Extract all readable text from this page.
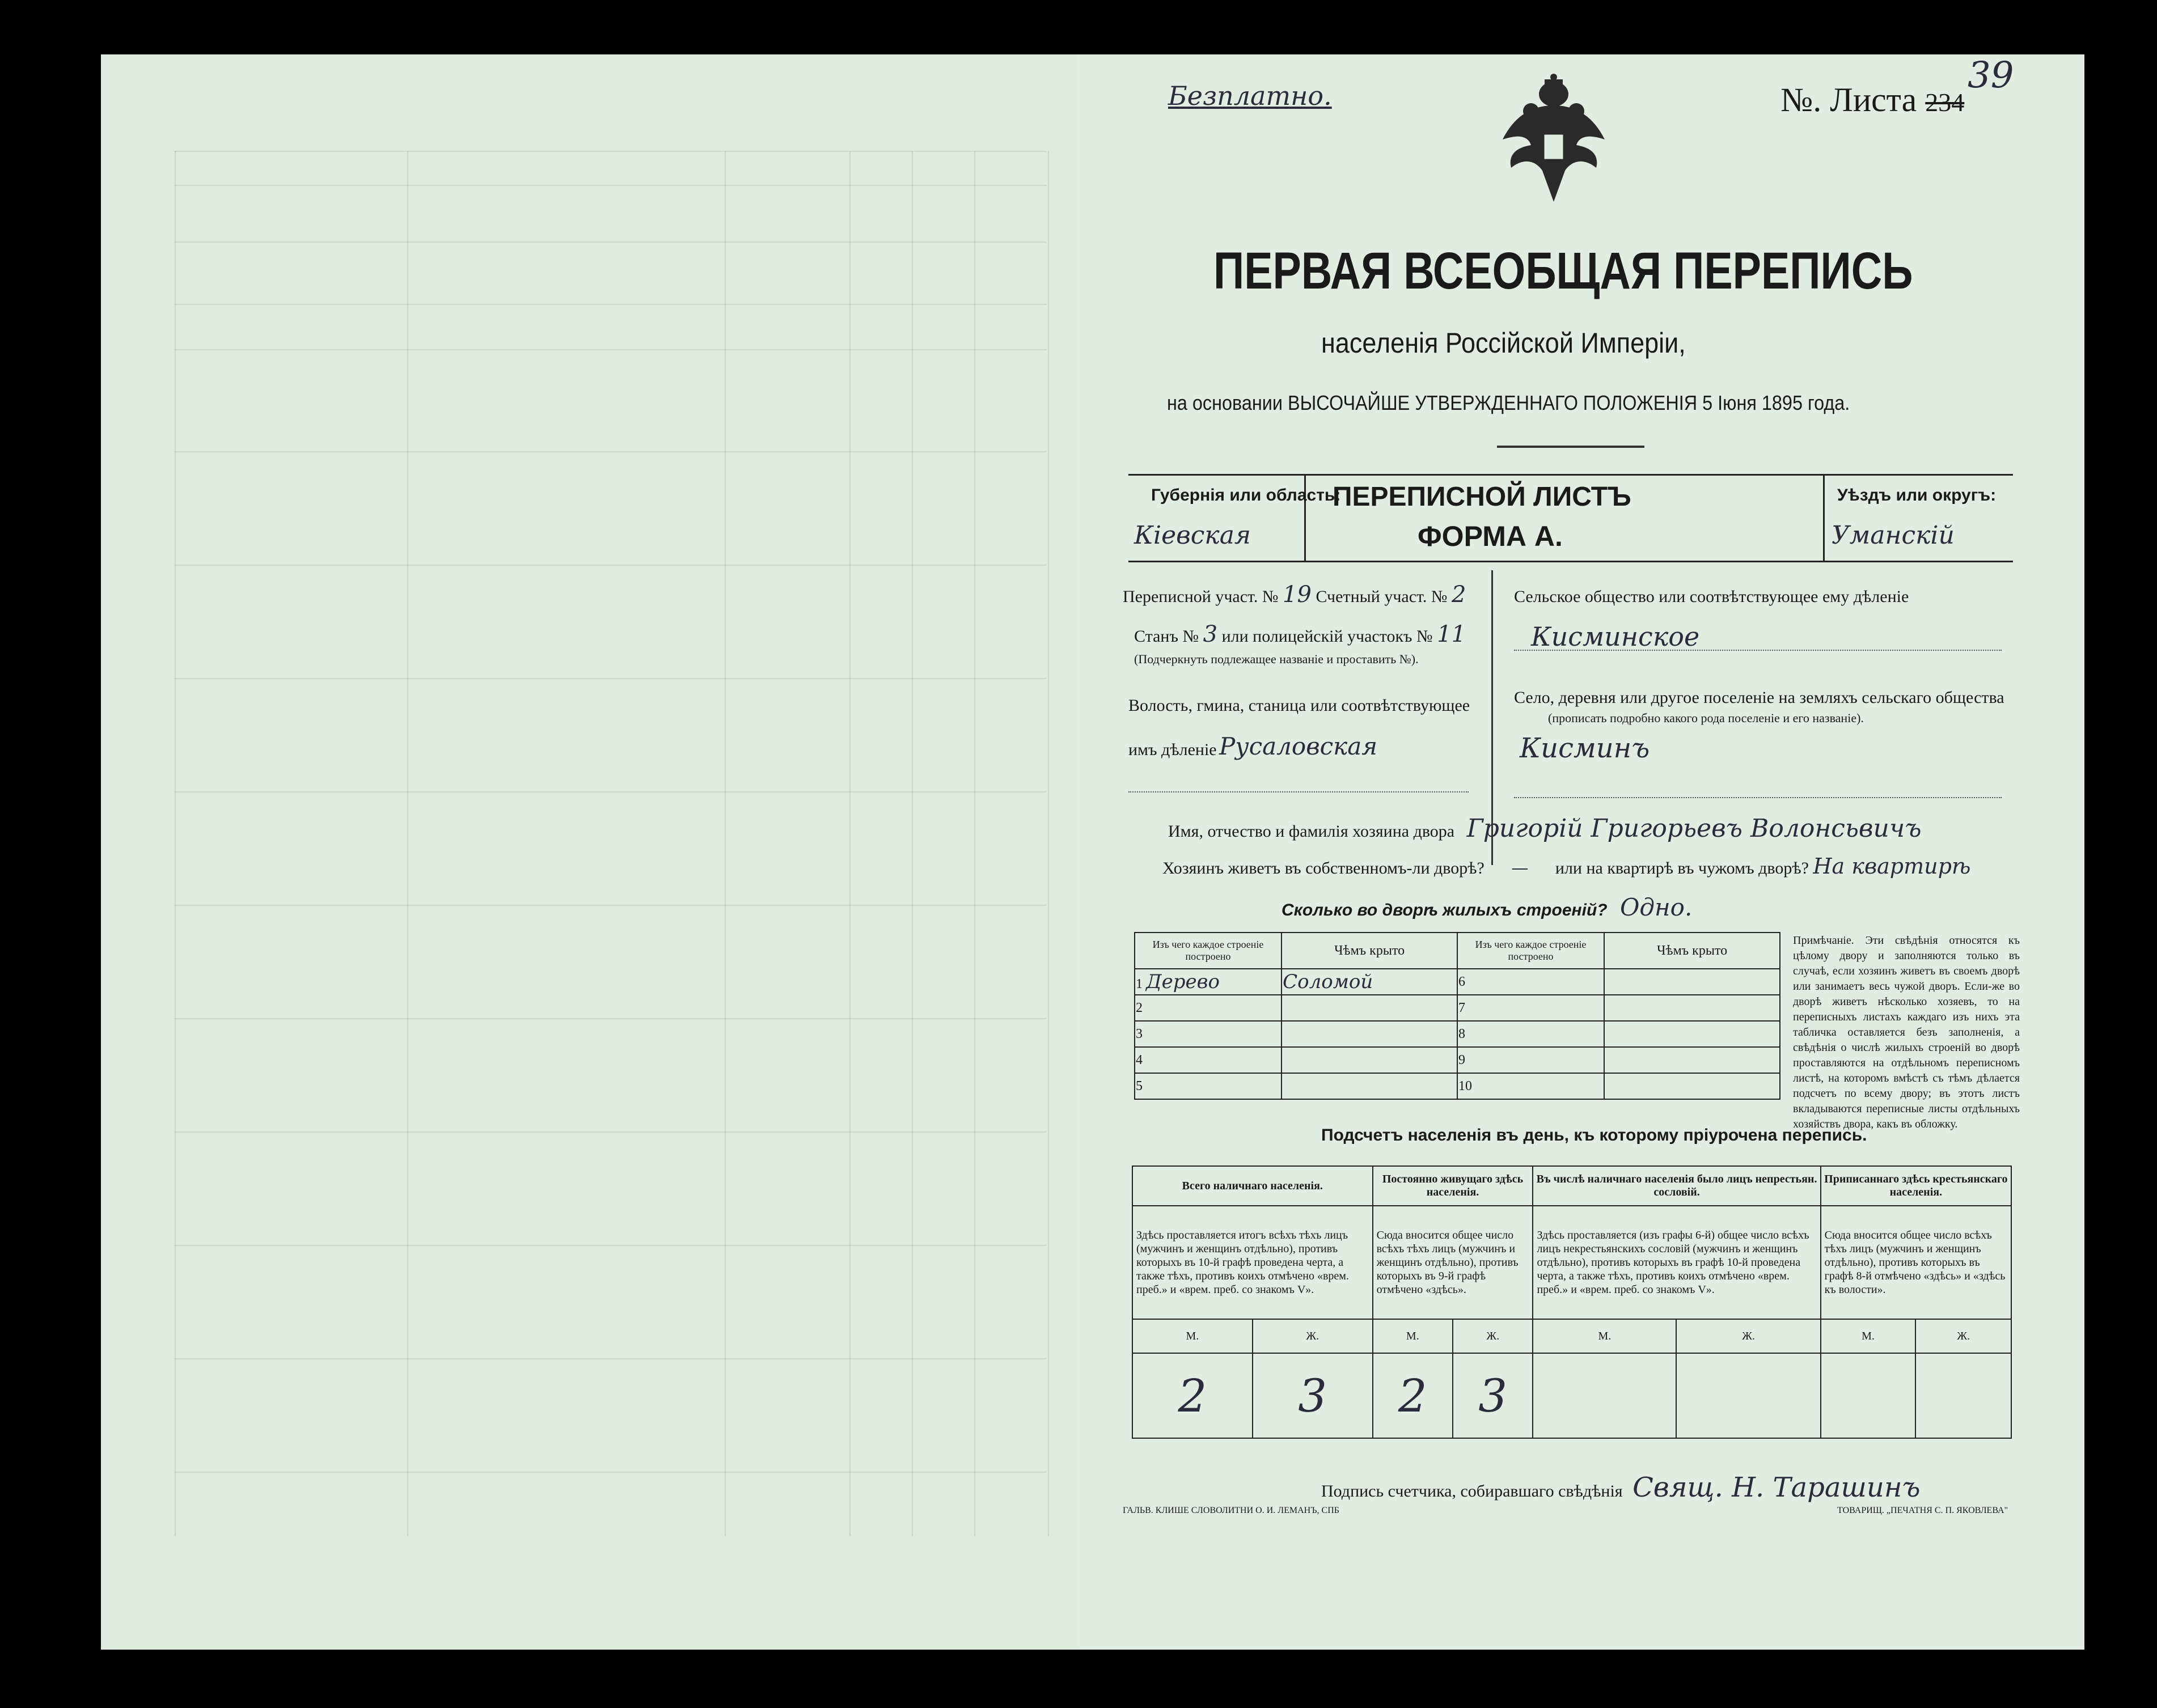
Безплатно.	№. Листа 234
39
ПЕРВАЯ ВСЕОБЩАЯ ПЕРЕПИСЬ
населенія Россійской Имперіи,
на основании ВЫСОЧАЙШЕ УТВЕРЖДЕННАГО ПОЛОЖЕНІЯ 5 Іюня 1895 года.
Губернія или область:
Кіевская
ПЕРЕПИСНОЙ ЛИСТЪ
ФОРМА А.
Уѣздъ или округъ:
Уманскій
Переписной участ. № 19 Счетный участ. № 2
Станъ № 3 или полицейскій участокъ № 11
(Подчеркнуть подлежащее названіе и проставить №).
Волость, гмина, станица или соотвѣтствующее
имъ дѣленіе Русаловская
Сельское общество или соотвѣтствующее ему дѣленіе
Кисминское
Село, деревня или другое поселеніе на земляхъ сельскаго общества
(прописать подробно какого рода поселеніе и его названіе).
Кисминъ
Имя, отчество и фамилія хозяина двора Григорій Григорьевъ Волонсьвичъ
Хозяинъ живетъ въ собственномъ-ли дворѣ? — или на квартирѣ въ чужомъ дворѣ? На квартирѣ
Сколько во дворѣ жилыхъ строеній? Одно.
Изъ чего каждое строеніе построено	Чѣмъ крыто	Изъ чего каждое строеніе построено	Чѣмъ крыто
1 Дерево	Соломой	6	
2		7	
3		8	
4		9	
5		10	
Примѣчаніе. Эти свѣдѣнія относятся къ цѣлому двору и заполняются только въ случаѣ, если хозяинъ живетъ въ своемъ дворѣ или занимаетъ весь чужой дворъ. Если-же во дворѣ живетъ нѣсколько хозяевъ, то на переписныхъ листахъ каждаго изъ нихъ эта табличка оставляется безъ заполненія, а свѣдѣнія о числѣ жилыхъ строеній во дворѣ проставляются на отдѣльномъ переписномъ листѣ, на которомъ вмѣстѣ съ тѣмъ дѣлается подсчетъ по всему двору; въ этотъ листъ вкладываются переписные листы отдѣльныхъ хозяйствъ двора, какъ въ обложку.
Подсчетъ населенія въ день, къ которому пріурочена перепись.
Всего наличнаго населенія.		Постоянно живущаго здѣсь населенія.		Въ числѣ наличнаго населенія было лицъ непрестьян. сословій.		Приписаннаго здѣсь крестьянскаго населенія.	
Здѣсь проставляется итогъ всѣхъ тѣхъ лицъ (мужчинъ и женщинъ отдѣльно), противъ которыхъ въ 10-й графѣ проведена черта, а также тѣхъ, противъ коихъ отмѣчено «врем. преб.» и «врем. преб. со знакомъ V».		Сюда вносится общее число всѣхъ тѣхъ лицъ (мужчинъ и женщинъ отдѣльно), противъ которыхъ въ 9-й графѣ отмѣчено «здѣсь».		Здѣсь проставляется (изъ графы 6-й) общее число всѣхъ лицъ некрестьянскихъ сословій (мужчинъ и женщинъ отдѣльно), противъ которыхъ въ графѣ 10-й проведена черта, а также тѣхъ, противъ коихъ отмѣчено «врем. преб.» и «врем. преб. со знакомъ V».		Сюда вносится общее число всѣхъ тѣхъ лицъ (мужчинъ и женщинъ отдѣльно), противъ которыхъ въ графѣ 8-й отмѣчено «здѣсь» и «здѣсь къ волости».	
М.	Ж.	М.	Ж.	М.	Ж.	М.	Ж.
2	3	2	3				
Подпись счетчика, собиравшаго свѣдѣнія Свящ. Н. Тарашинъ
ГАЛЬВ. КЛИШЕ СЛОВОЛИТНИ О. И. ЛЕМАНЪ, СПБ	ТОВАРИЩ. „ПЕЧАТНЯ С. П. ЯКОВЛЕВА"
